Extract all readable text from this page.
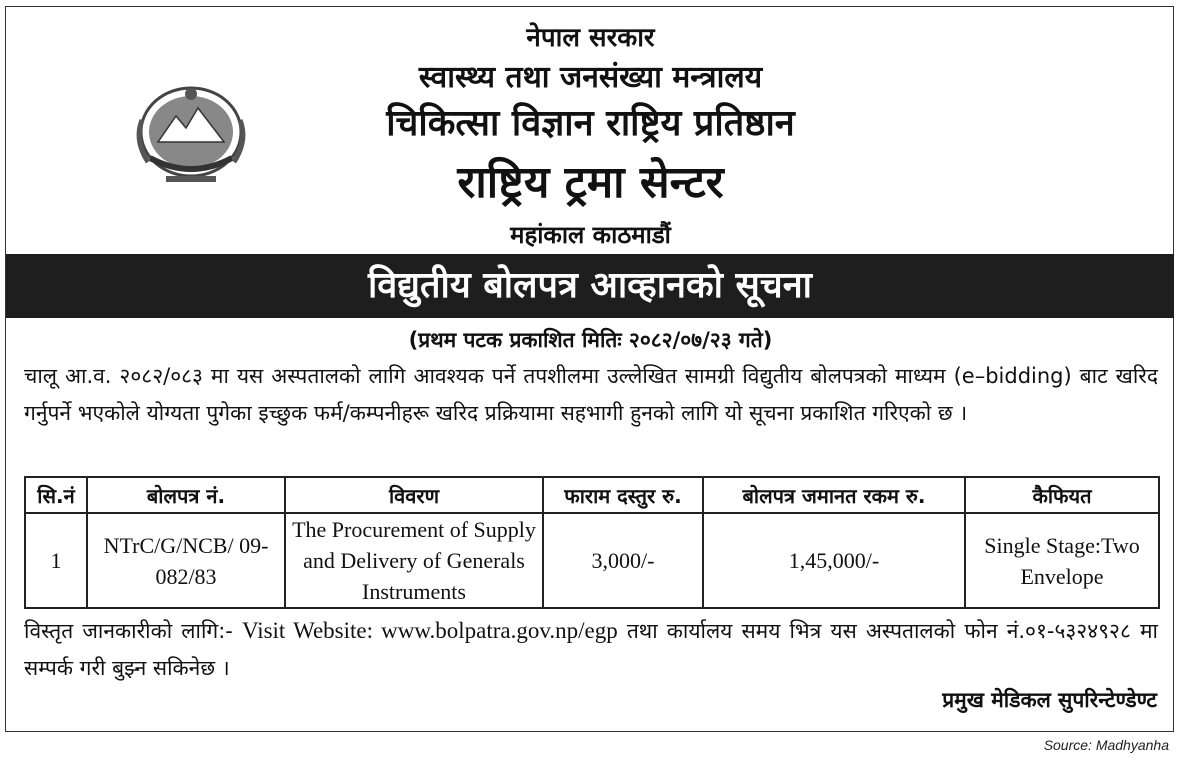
नेपाल सरकार
स्वास्थ्य तथा जनसंख्या मन्त्रालय
चिकित्सा विज्ञान राष्ट्रिय प्रतिष्ठान
राष्ट्रिय ट्रमा सेन्टर
महांकाल काठमाडौं
विद्युतीय बोलपत्र आव्हानको सूचना
(प्रथम पटक प्रकाशित मितिः २०८२/०७/२३ गते)
चालू आ.व. २०८२/०८३ मा यस अस्पतालको लागि आवश्यक पर्ने तपशीलमा उल्लेखित सामग्री विद्युतीय बोलपत्रको माध्यम (e–bidding) बाट खरिद गर्नुपर्ने भएकोले योग्यता पुगेका इच्छुक फर्म/कम्पनीहरू खरिद प्रक्रियामा सहभागी हुनको लागि यो सूचना प्रकाशित गरिएको छ ।
सि.नं	बोलपत्र नं.	विवरण	फाराम दस्तुर रु.	बोलपत्र जमानत रकम रु.	कैफियत
1	NTrC/G/NCB/ 09-082/83	The Procurement of Supply and Delivery of Generals Instruments	3,000/-	1,45,000/-	Single Stage:Two Envelope
विस्तृत जानकारीको लागि:- Visit Website: www.bolpatra.gov.np/egp तथा कार्यालय समय भित्र यस अस्पतालको फोन नं.०१-५३२४९२८ मा सम्पर्क गरी बुझ्न सकिनेछ ।
प्रमुख मेडिकल सुपरिन्टेण्डेण्ट
Source: Madhyanha
